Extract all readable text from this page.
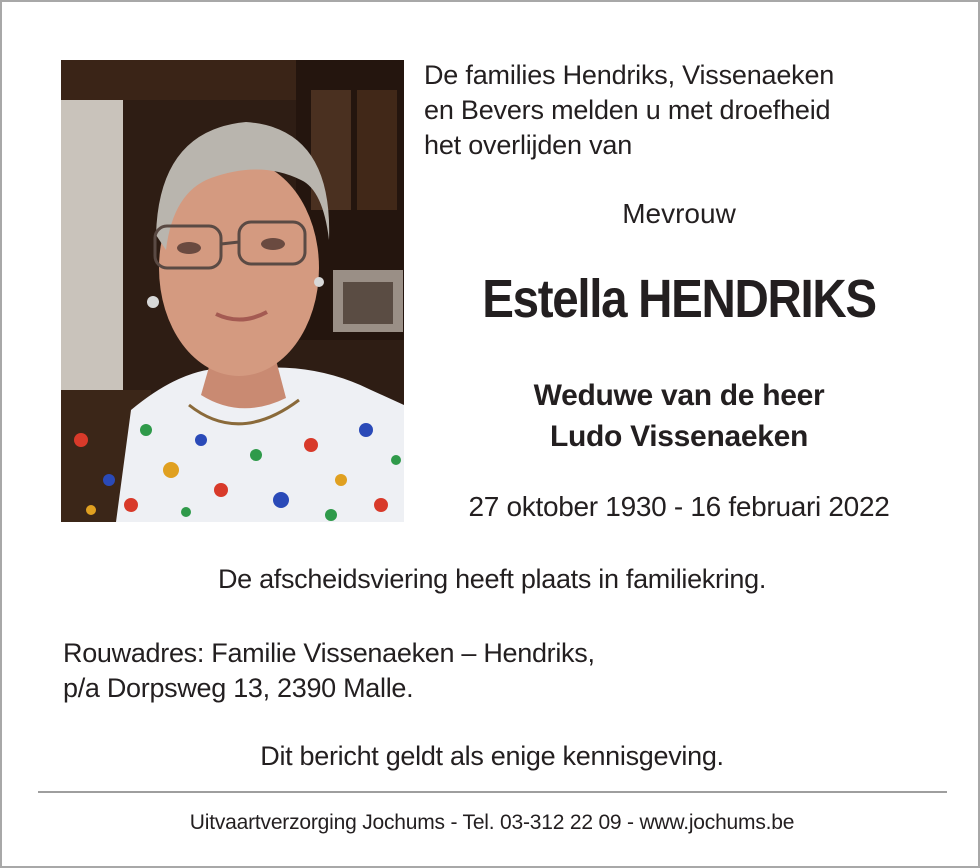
De families Hendriks, Vissenaeken
en Bevers melden u met droefheid
het overlijden van
Mevrouw
Estella HENDRIKS
Weduwe van de heer
Ludo Vissenaeken
27 oktober 1930 - 16 februari 2022
De afscheidsviering heeft plaats in familiekring.
Rouwadres: Familie Vissenaeken – Hendriks,
p/a Dorpsweg 13, 2390 Malle.
Dit bericht geldt als enige kennisgeving.
Uitvaartverzorging Jochums - Tel. 03-312 22 09 - www.jochums.be
